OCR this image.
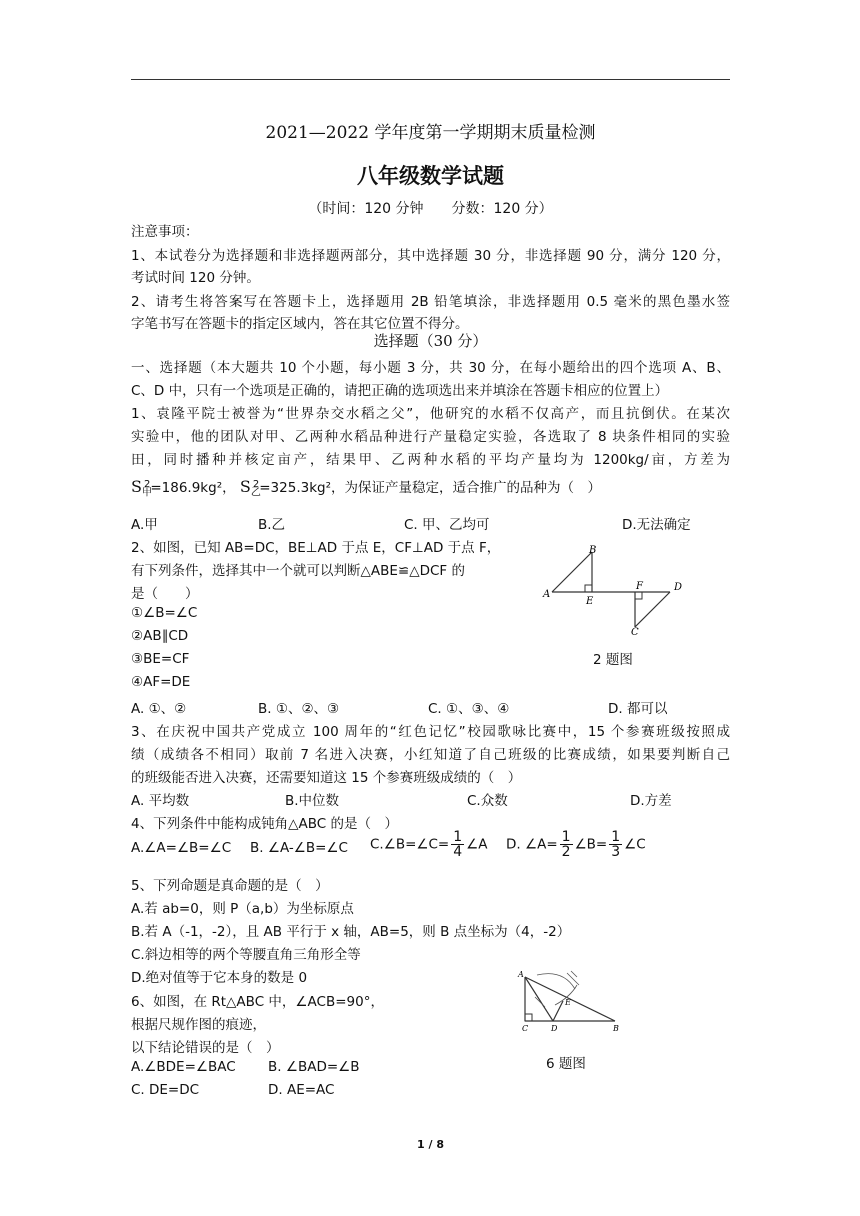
2021—2022 学年度第一学期期末质量检测
八年级数学试题
（时间：120 分钟　　分数：120 分）
注意事项：
1、本试卷分为选择题和非选择题两部分，其中选择题 30 分，非选择题 90 分，满分 120 分，
考试时间 120 分钟。
2、请考生将答案写在答题卡上，选择题用 2B 铅笔填涂，非选择题用 0.5 毫米的黑色墨水签
字笔书写在答题卡的指定区域内，答在其它位置不得分。
选择题（30 分）
一、选择题（本大题共 10 个小题，每小题 3 分，共 30 分，在每小题给出的四个选项 A、B、
C、D 中，只有一个选项是正确的，请把正确的选项选出来并填涂在答题卡相应的位置上）
1、袁隆平院士被誉为“世界杂交水稻之父”，他研究的水稻不仅高产，而且抗倒伏。在某次
实验中，他的团队对甲、乙两种水稻品种进行产量稳定实验，各选取了 8 块条件相同的实验
田，同时播种并核定亩产，结果甲、乙两种水稻的平均产量均为 1200kg/亩，方差为
$S_甲^2=186.9kg^2$， $S_乙^2=325.3kg^2$，为保证产量稳定，适合推广的品种为（　）
A.甲	B.乙	C. 甲、乙均可	D.无法确定
2、如图，已知 AB=DC，BE⊥AD 于点 E，CF⊥AD 于点 F，
有下列条件，选择其中一个就可以判断△ABE≌△DCF 的
是（　　）
①∠B=∠C
②AB∥CD
③BE=CF
④AF=DE
A
B
E
F	D
C
2 题图
A. ①、②	B. ①、②、③	C. ①、③、④	D. 都可以
3、在庆祝中国共产党成立 100 周年的“红色记忆”校园歌咏比赛中，15 个参赛班级按照成
绩（成绩各不相同）取前 7 名进入决赛，小红知道了自己班级的比赛成绩，如果要判断自己
的班级能否进入决赛，还需要知道这 15 个参赛班级成绩的（　）
A. 平均数	B.中位数	C.众数	D.方差
4、下列条件中能构成钝角△ABC 的是（　）
A.∠A=∠B=∠C B. ∠A-∠B=∠C C.∠B=∠C= $\frac{1}{4}$ ∠A D. ∠A= $\frac{1}{2}$ ∠B= $\frac{1}{3}$ ∠C
5、下列命题是真命题的是（　）
A.若 ab=0，则 P（a,b）为坐标原点
B.若 A（-1，-2），且 AB 平行于 x 轴，AB=5，则 B 点坐标为（4，-2）
C.斜边相等的两个等腰直角三角形全等
D.绝对值等于它本身的数是 0
6、如图，在 Rt△ABC 中，∠ACB=90°，
根据尺规作图的痕迹，
以下结论错误的是（　）
A.∠BDE=∠BAC B. ∠BAD=∠B
C. DE=DC	D. AE=AC
A
C	D
E
B
6 题图
1 / 8
